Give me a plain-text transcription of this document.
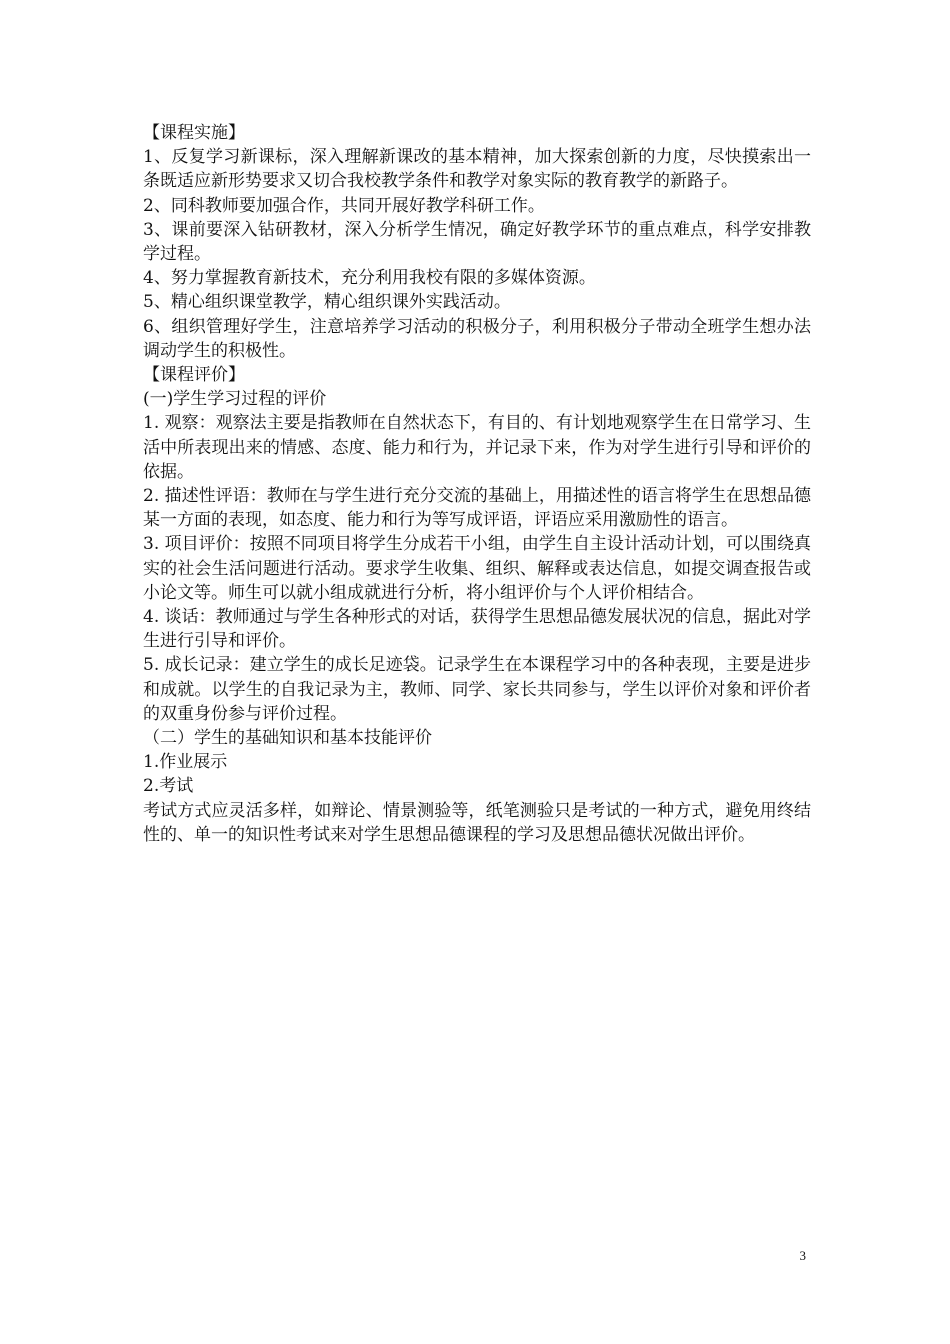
【课程实施】

1、反复学习新课标，深入理解新课改的基本精神，加大探索创新的力度，尽快摸索出一条既适应新形势要求又切合我校教学条件和教学对象实际的教育教学的新路子。

2、同科教师要加强合作，共同开展好教学科研工作。

3、课前要深入钻研教材，深入分析学生情况，确定好教学环节的重点难点，科学安排教学过程。

4、努力掌握教育新技术，充分利用我校有限的多媒体资源。

5、精心组织课堂教学，精心组织课外实践活动。

6、组织管理好学生，注意培养学习活动的积极分子，利用积极分子带动全班学生想办法调动学生的积极性。

【课程评价】

(一)学生学习过程的评价

1. 观察：观察法主要是指教师在自然状态下，有目的、有计划地观察学生在日常学习、生活中所表现出来的情感、态度、能力和行为，并记录下来，作为对学生进行引导和评价的依据。

2. 描述性评语：教师在与学生进行充分交流的基础上，用描述性的语言将学生在思想品德某一方面的表现，如态度、能力和行为等写成评语，评语应采用激励性的语言。

3. 项目评价：按照不同项目将学生分成若干小组，由学生自主设计活动计划，可以围绕真实的社会生活问题进行活动。要求学生收集、组织、解释或表达信息，如提交调查报告或小论文等。师生可以就小组成就进行分析，将小组评价与个人评价相结合。

4. 谈话：教师通过与学生各种形式的对话，获得学生思想品德发展状况的信息，据此对学生进行引导和评价。

5. 成长记录：建立学生的成长足迹袋。记录学生在本课程学习中的各种表现，主要是进步和成就。以学生的自我记录为主，教师、同学、家长共同参与，学生以评价对象和评价者的双重身份参与评价过程。

（二）学生的基础知识和基本技能评价

1.作业展示

2.考试

考试方式应灵活多样，如辩论、情景测验等，纸笔测验只是考试的一种方式，避免用终结性的、单一的知识性考试来对学生思想品德课程的学习及思想品德状况做出评价。

3
